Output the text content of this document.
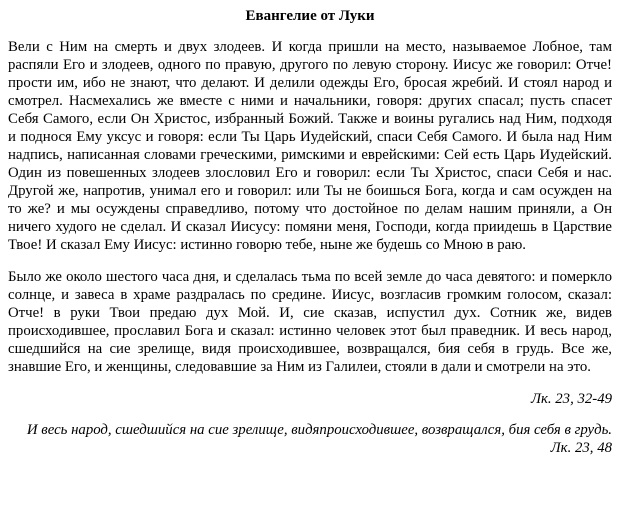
Евангелие от Луки

Вели с Ним на смерть и двух злодеев. И когда пришли на место, называемое Лобное, там распяли Его и злодеев, одного по правую, другого по левую сторону. Иисус же говорил: Отче! прости им, ибо не знают, что делают. И делили одежды Его, бросая жребий. И стоял народ и смотрел. Насмехались же вместе с ними и начальники, говоря: других спасал; пусть спасет Себя Самого, если Он Христос, избранный Божий. Также и воины ругались над Ним, подходя и поднося Ему уксус и говоря: если Ты Царь Иудейский, спаси Себя Самого. И была над Ним надпись, написанная словами греческими, римскими и еврейскими: Сей есть Царь Иудейский. Один из повешенных злодеев злословил Его и говорил: если Ты Христос, спаси Себя и нас. Другой же, напротив, унимал его и говорил: или Ты не боишься Бога, когда и сам осужден на то же? и мы осуждены справедливо, потому что достойное по делам нашим приняли, а Он ничего худого не сделал. И сказал Иисусу: помяни меня, Господи, когда приидешь в Царствие Твое! И сказал Ему Иисус: истинно говорю тебе, ныне же будешь со Мною в раю.

Было же около шестого часа дня, и сделалась тьма по всей земле до часа девятого: и померкло солнце, и завеса в храме раздралась по средине. Иисус, возгласив громким голосом, сказал: Отче! в руки Твои предаю дух Мой. И, сие сказав, испустил дух. Сотник же, видев происходившее, прославил Бога и сказал: истинно человек этот был праведник. И весь народ, сшедшийся на сие зрелище, видя происходившее, возвращался, бия себя в грудь. Все же, знавшие Его, и женщины, следовавшие за Ним из Галилеи, стояли в дали и смотрели на это.

Лк. 23, 32-49
И весь народ, сшедшийся на сие зрелище, видяпроисходившее, возвращался, бия себя в грудь.
Лк. 23, 48
